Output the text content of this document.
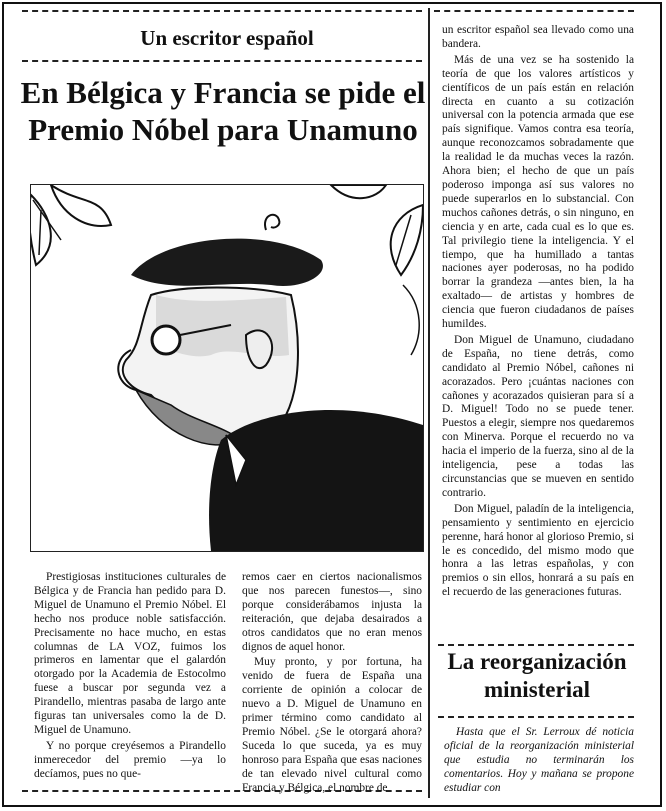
Un escritor español
En Bélgica y Francia se pide el Premio Nóbel para Unamuno

Prestigiosas instituciones culturales de Bélgica y de Francia han pedido para D. Miguel de Unamuno el Premio Nóbel. El hecho nos produce noble satisfacción. Precisamente no hace mucho, en estas columnas de LA VOZ, fuimos los primeros en lamentar que el galardón otorgado por la Academia de Estocolmo fuese a buscar por segunda vez a Pirandello, mientras pasaba de largo ante figuras tan universales como la de D. Miguel de Unamuno.

Y no porque creyésemos a Pirandello inmerecedor del premio —ya lo decíamos, pues no que-

remos caer en ciertos nacionalismos que nos parecen funestos—, sino porque considerábamos injusta la reiteración, que dejaba desairados a otros candidatos que no eran menos dignos de aquel honor.

Muy pronto, y por fortuna, ha venido de fuera de España una corriente de opinión a colocar de nuevo a D. Miguel de Unamuno en primer término como candidato al Premio Nóbel. ¿Se le otorgará ahora? Suceda lo que suceda, ya es muy honroso para España que esas naciones de tan elevado nivel cultural como Francia y Bélgica, el nombre de

un escritor español sea llevado como una bandera.

Más de una vez se ha sostenido la teoría de que los valores artísticos y científicos de un país están en relación directa en cuanto a su cotización universal con la potencia armada que ese país signifique. Vamos contra esa teoría, aunque reconozcamos sobradamente que la realidad le da muchas veces la razón. Ahora bien; el hecho de que un país poderoso imponga así sus valores no puede superarlos en lo substancial. Con muchos cañones detrás, o sin ninguno, en ciencia y en arte, cada cual es lo que es. Tal privilegio tiene la inteligencia. Y el tiempo, que ha humillado a tantas naciones ayer poderosas, no ha podido borrar la grandeza —antes bien, la ha exaltado— de artistas y hombres de ciencia que fueron ciudadanos de países humildes.

Don Miguel de Unamuno, ciudadano de España, no tiene detrás, como candidato al Premio Nóbel, cañones ni acorazados. Pero ¡cuántas naciones con cañones y acorazados quisieran para sí a D. Miguel! Todo no se puede tener. Puestos a elegir, siempre nos quedaremos con Minerva. Porque el recuerdo no va hacia el imperio de la fuerza, sino al de la inteligencia, pese a todas las circunstancias que se mueven en sentido contrario.

Don Miguel, paladín de la inteligencia, pensamiento y sentimiento en ejercicio perenne, hará honor al glorioso Premio, si le es concedido, del mismo modo que honra a las letras españolas, y con premios o sin ellos, honrará a su país en el recuerdo de las generaciones futuras.

La reorganización ministerial
Hasta que el Sr. Lerroux dé noticia oficial de la reorganización ministerial que estudia no terminarán los comentarios. Hoy y mañana se propone estudiar con
